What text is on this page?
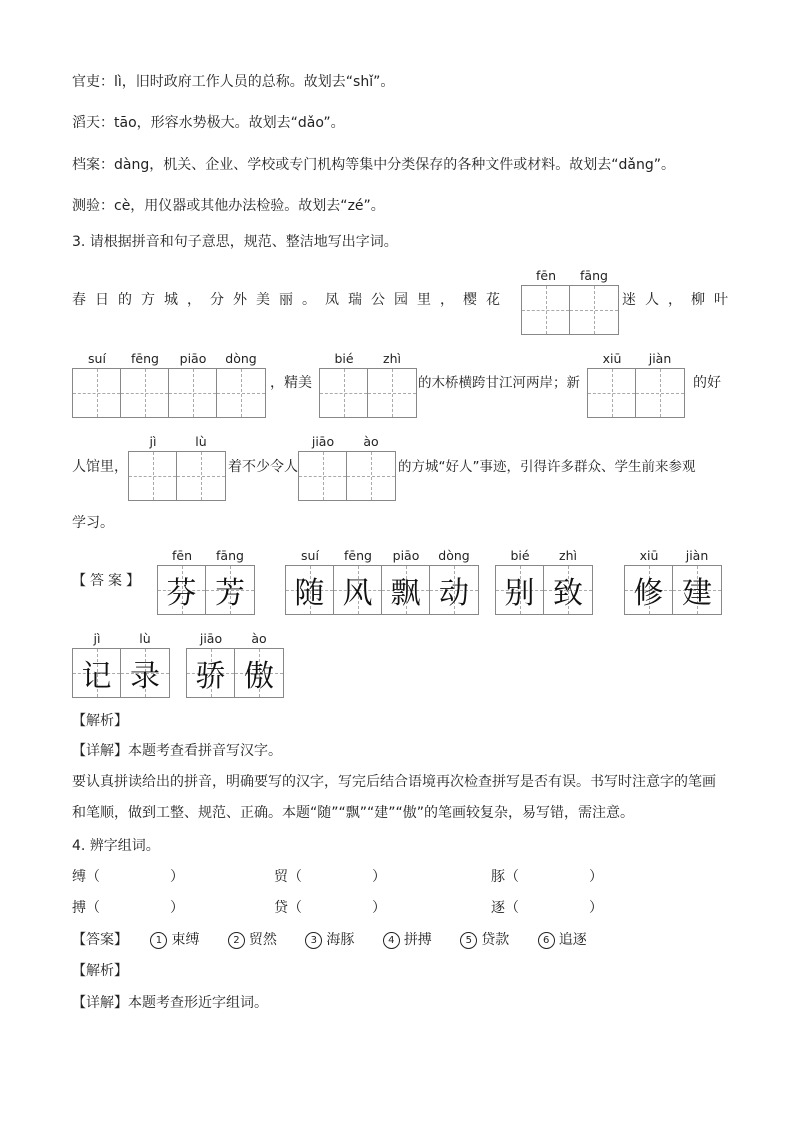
官吏：lì，旧时政府工作人员的总称。故划去“shǐ”。
滔天：tāo，形容水势极大。故划去“dǎo”。
档案：dàng，机关、企业、学校或专门机构等集中分类保存的各种文件或材料。故划去“dǎng”。
测验：cè，用仪器或其他办法检验。故划去“zé”。
3. 请根据拼音和句子意思，规范、整洁地写出字词。
春日的方城，分外美丽。凤瑞公园里，樱花
fēn	fāng
迷人，柳叶
suí	fēng	piāo	dòng
，精美
bié	zhì
的木桥横跨甘江河两岸；新
xiū	jiàn
的好
人馆里，
jì	lù
着不少令人
jiāo	ào
的方城“好人”事迹，引得许多群众、学生前来参观
学习。
【答案】
fēn	fāng
芬 芳
suí	fēng	piāo	dòng
随 风 飘 动
bié	zhì
别 致
xiū	jiàn
修 建
jì	lù
记 录
jiāo	ào
骄 傲
【解析】
【详解】本题考查看拼音写汉字。
要认真拼读给出的拼音，明确要写的汉字，写完后结合语境再次检查拼写是否有误。书写时注意字的笔画
和笔顺，做到工整、规范、正确。本题“随”“飘”“建”“傲”的笔画较复杂，易写错，需注意。
4. 辨字组词。
缚（　　　　　）	贸（　　　　　）	豚（　　　　　）
搏（　　　　　）	贷（　　　　　）	逐（　　　　　）
【答案】	1 束缚	2 贸然	3 海豚	4 拼搏	5 贷款	6 追逐
【解析】
【详解】本题考查形近字组词。
